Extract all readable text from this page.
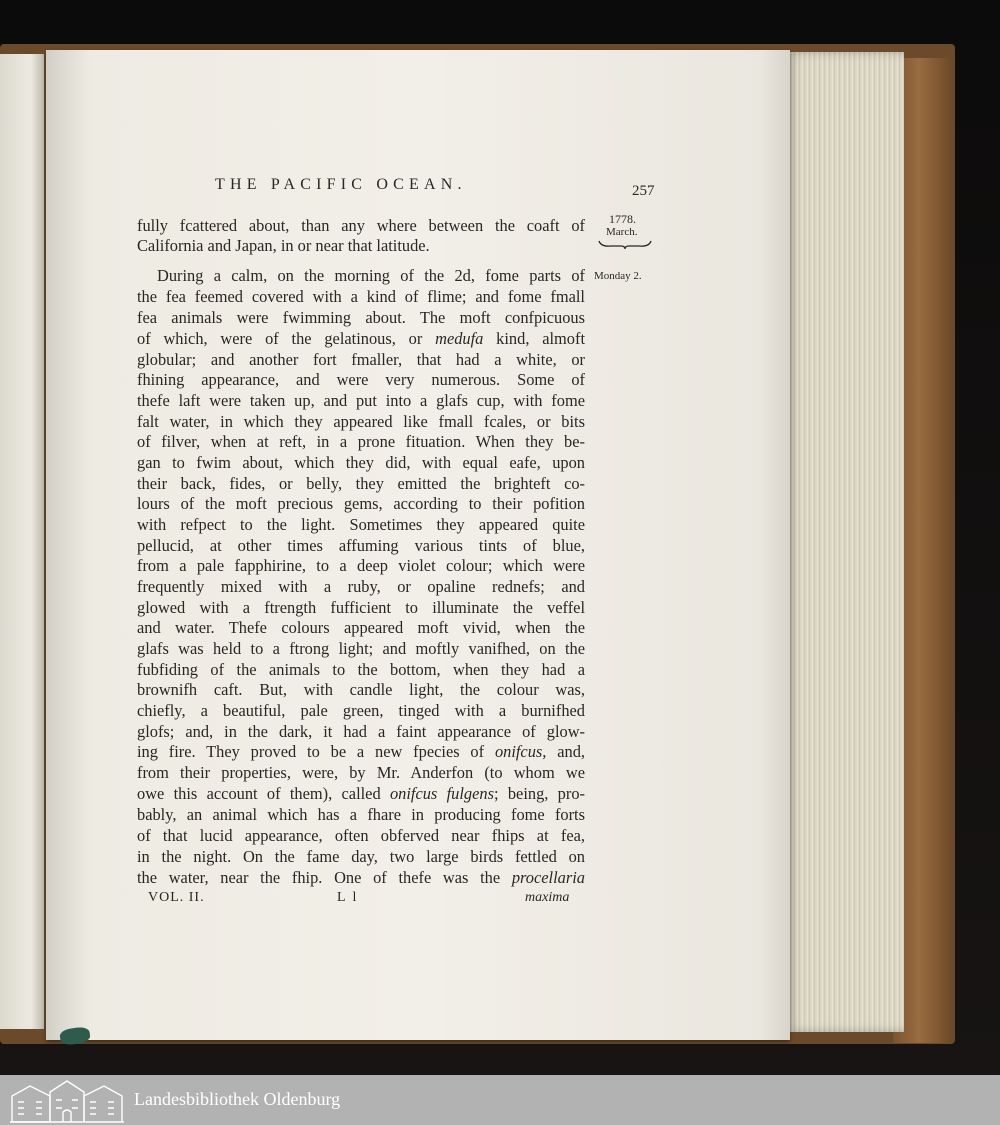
THE PACIFIC OCEAN.	257
1778.
March.
Monday 2.
fully fcattered about, than any where between the coaft of
California and Japan, in or near that latitude.
During a calm, on the morning of the 2d, fome parts of
the fea feemed covered with a kind of flime; and fome fmall
fea animals were fwimming about. The moft confpicuous
of which, were of the gelatinous, or medufa kind, almoft
globular; and another fort fmaller, that had a white, or
fhining appearance, and were very numerous. Some of
thefe laft were taken up, and put into a glafs cup, with fome
falt water, in which they appeared like fmall fcales, or bits
of filver, when at reft, in a prone fituation. When they be-
gan to fwim about, which they did, with equal eafe, upon
their back, fides, or belly, they emitted the brighteft co-
lours of the moft precious gems, according to their pofition
with refpect to the light. Sometimes they appeared quite
pellucid, at other times affuming various tints of blue,
from a pale fapphirine, to a deep violet colour; which were
frequently mixed with a ruby, or opaline rednefs; and
glowed with a ftrength fufficient to illuminate the veffel
and water. Thefe colours appeared moft vivid, when the
glafs was held to a ftrong light; and moftly vanifhed, on the
fubfiding of the animals to the bottom, when they had a
brownifh caft. But, with candle light, the colour was,
chiefly, a beautiful, pale green, tinged with a burnifhed
glofs; and, in the dark, it had a faint appearance of glow-
ing fire. They proved to be a new fpecies of onifcus, and,
from their properties, were, by Mr. Anderfon (to whom we
owe this account of them), called onifcus fulgens; being, pro-
bably, an animal which has a fhare in producing fome forts
of that lucid appearance, often obferved near fhips at fea,
in the night. On the fame day, two large birds fettled on
the water, near the fhip. One of thefe was the procellaria
VOL. II.	L l	maxima
Landesbibliothek Oldenburg
